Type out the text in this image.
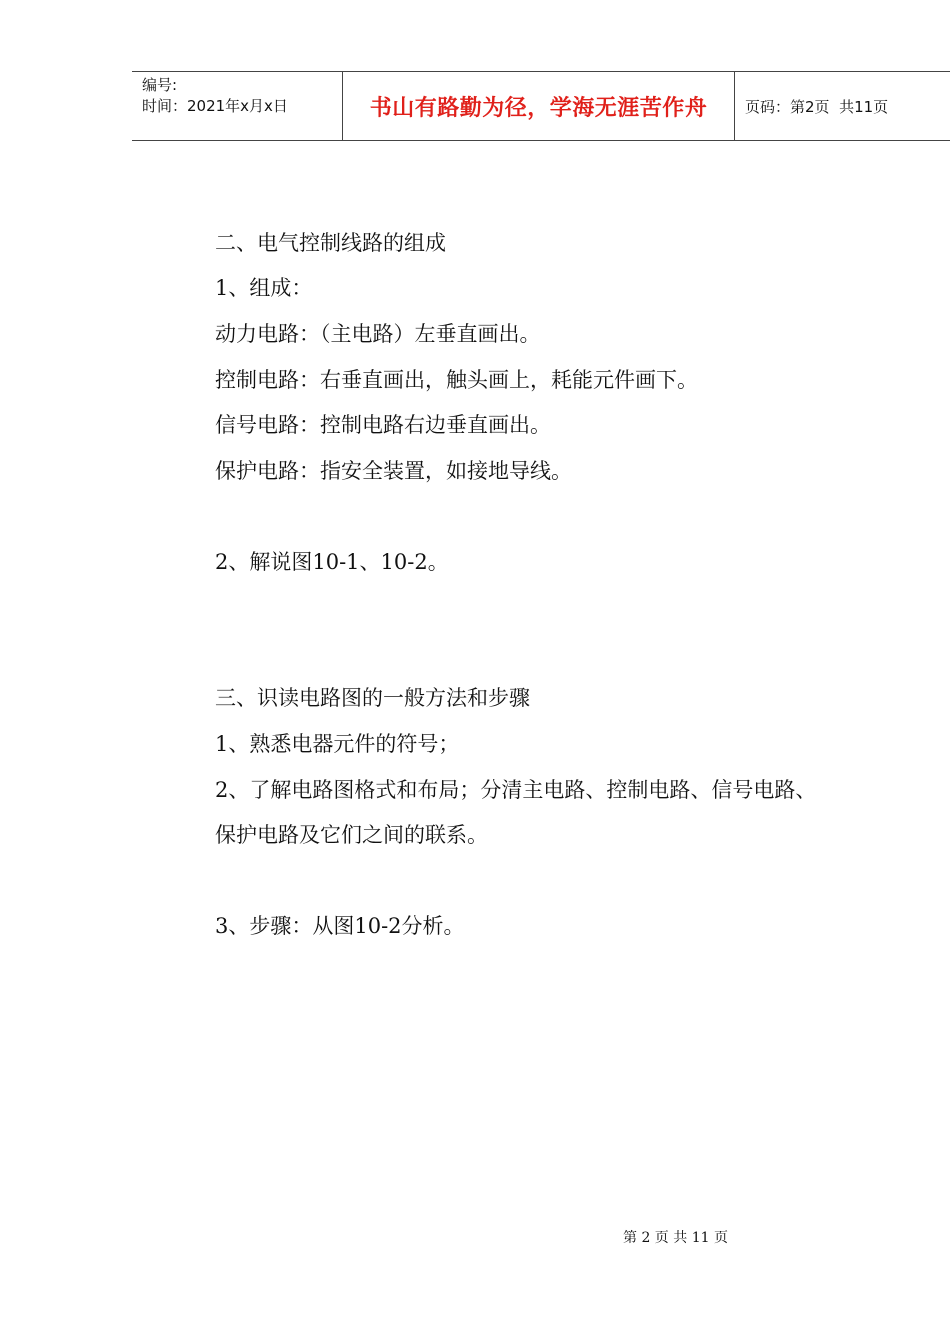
编号:
时间：2021年x月x日	书山有路勤为径，学海无涯苦作舟	页码：第2页  共11页
二、电气控制线路的组成
1、组成：
动力电路：（主电路）左垂直画出。
控制电路：右垂直画出，触头画上，耗能元件画下。
信号电路：控制电路右边垂直画出。
保护电路：指安全装置，如接地导线。
2、解说图10-1、10-2。
三、识读电路图的一般方法和步骤
1、熟悉电器元件的符号；
2、了解电路图格式和布局；分清主电路、控制电路、信号电路、
保护电路及它们之间的联系。
3、步骤：从图10-2分析。
第 2 页 共 11 页
